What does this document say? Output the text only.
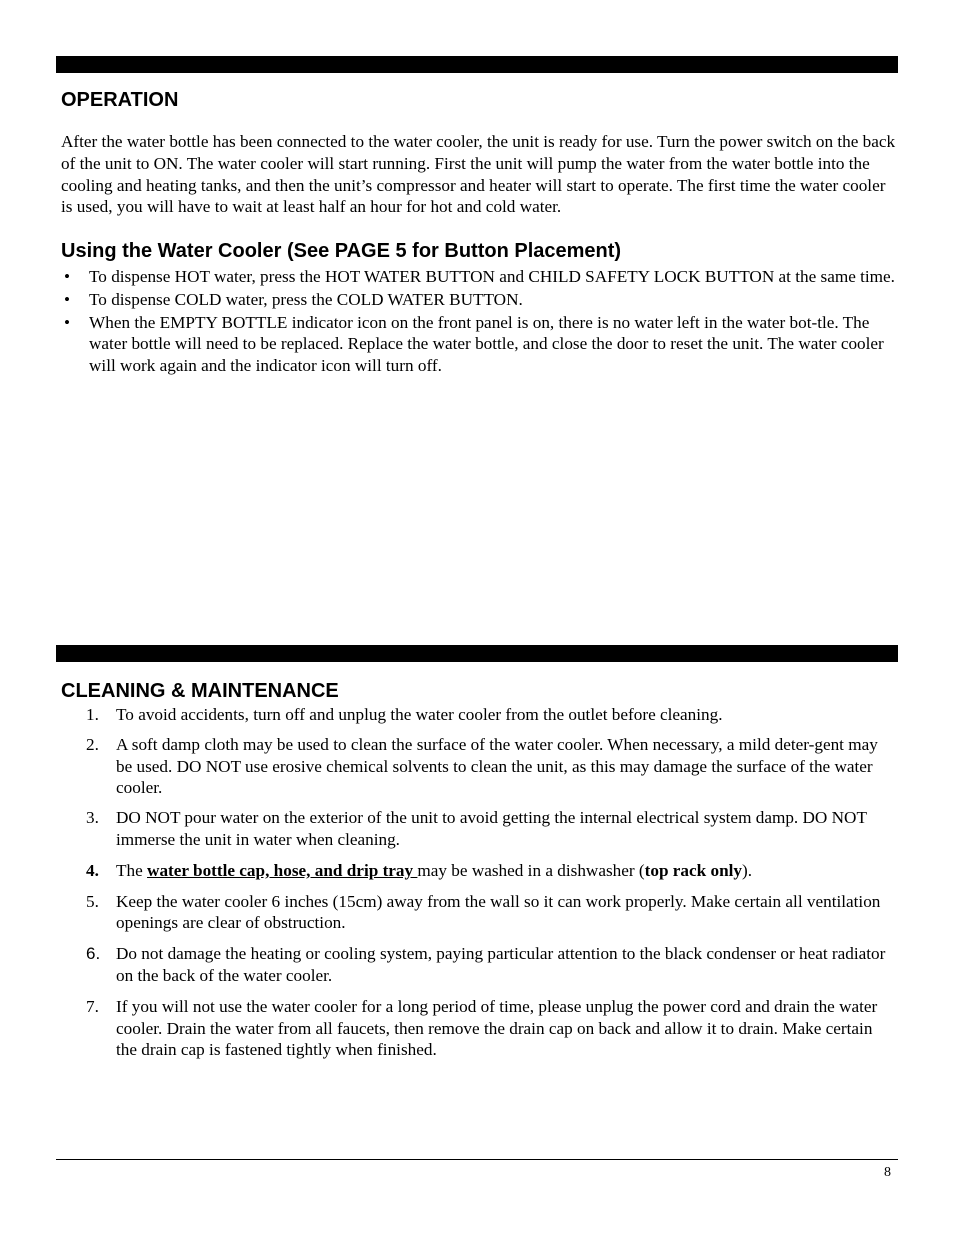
OPERATION

After the water bottle has been connected to the water cooler, the unit is ready for use. Turn the power switch on the back of the unit to ON. The water cooler will start running. First the unit will pump the water from the water bottle into the cooling and heating tanks, and then the unit’s compressor and heater will start to operate. The first time the water cooler is used, you will have to wait at least half an hour for hot and cold water.

Using the Water Cooler (See PAGE 5 for Button Placement)
• To dispense HOT water, press the HOT WATER BUTTON and CHILD SAFETY LOCK BUTTON at the same time.
• To dispense COLD water, press the COLD WATER BUTTON.
• When the EMPTY BOTTLE indicator icon on the front panel is on, there is no water left in the water bot-tle. The water bottle will need to be replaced. Replace the water bottle, and close the door to reset the unit. The water cooler will work again and the indicator icon will turn off.
CLEANING & MAINTENANCE
1. To avoid accidents, turn off and unplug the water cooler from the outlet before cleaning.
2. A soft damp cloth may be used to clean the surface of the water cooler. When necessary, a mild deter-gent may be used. DO NOT use erosive chemical solvents to clean the unit, as this may damage the surface of the water cooler.
3. DO NOT pour water on the exterior of the unit to avoid getting the internal electrical system damp. DO NOT immerse the unit in water when cleaning.
4. The water bottle cap, hose, and drip tray may be washed in a dishwasher (top rack only).
5. Keep the water cooler 6 inches (15cm) away from the wall so it can work properly. Make certain all ventilation openings are clear of obstruction.
6. Do not damage the heating or cooling system, paying particular attention to the black condenser or heat radiator on the back of the water cooler.
7. If you will not use the water cooler for a long period of time, please unplug the power cord and drain the water cooler. Drain the water from all faucets, then remove the drain cap on back and allow it to drain. Make certain the drain cap is fastened tightly when finished.
8
